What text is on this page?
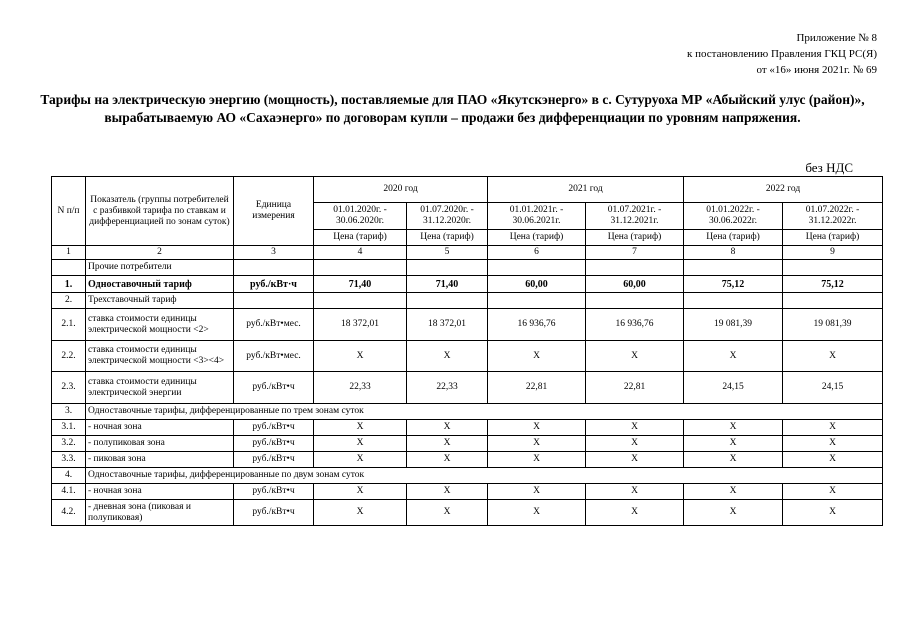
Приложение № 8
к постановлению Правления ГКЦ РС(Я)
от «16» июня 2021г. № 69
Тарифы на электрическую энергию (мощность), поставляемые для ПАО «Якутскэнерго» в с. Сутуруоха МР «Абыйский улус (район)», вырабатываемую АО «Сахаэнерго» по договорам купли – продажи без дифференциации по уровням напряжения.
без НДС
N п/п	Показатель (группы потребителей с разбивкой тарифа по ставкам и дифференциацией по зонам суток)	Единица измерения	2020 год		2021 год		2022 год	
			01.01.2020г. - 30.06.2020г.	01.07.2020г. - 31.12.2020г.	01.01.2021г. - 30.06.2021г.	01.07.2021г. - 31.12.2021г.	01.01.2022г. - 30.06.2022г.	01.07.2022г. - 31.12.2022г.
			Цена (тариф)	Цена (тариф)	Цена (тариф)	Цена (тариф)	Цена (тариф)	Цена (тариф)
1	2	3	4	5	6	7	8	9
	Прочие потребители							
1.	Одноставочный тариф	руб./кВт·ч	71,40	71,40	60,00	60,00	75,12	75,12
2.	Трехставочный тариф							
2.1.	ставка стоимости единицы электрической мощности <2>	руб./кВт•мес.	18 372,01	18 372,01	16 936,76	16 936,76	19 081,39	19 081,39
2.2.	ставка стоимости единицы электрической мощности <3><4>	руб./кВт•мес.	X	X	X	X	X	X
2.3.	ставка стоимости единицы электрической энергии	руб./кВт•ч	22,33	22,33	22,81	22,81	24,15	24,15
3.	Одноставочные тарифы, дифференцированные по трем зонам суток							
3.1.	- ночная зона	руб./кВт•ч	X	X	X	X	X	X
3.2.	- полупиковая зона	руб./кВт•ч	X	X	X	X	X	X
3.3.	- пиковая зона	руб./кВт•ч	X	X	X	X	X	X
4.	Одноставочные тарифы, дифференцированные по двум зонам суток							
4.1.	- ночная зона	руб./кВт•ч	X	X	X	X	X	X
4.2.	- дневная зона (пиковая и полупиковая)	руб./кВт•ч	X	X	X	X	X	X
